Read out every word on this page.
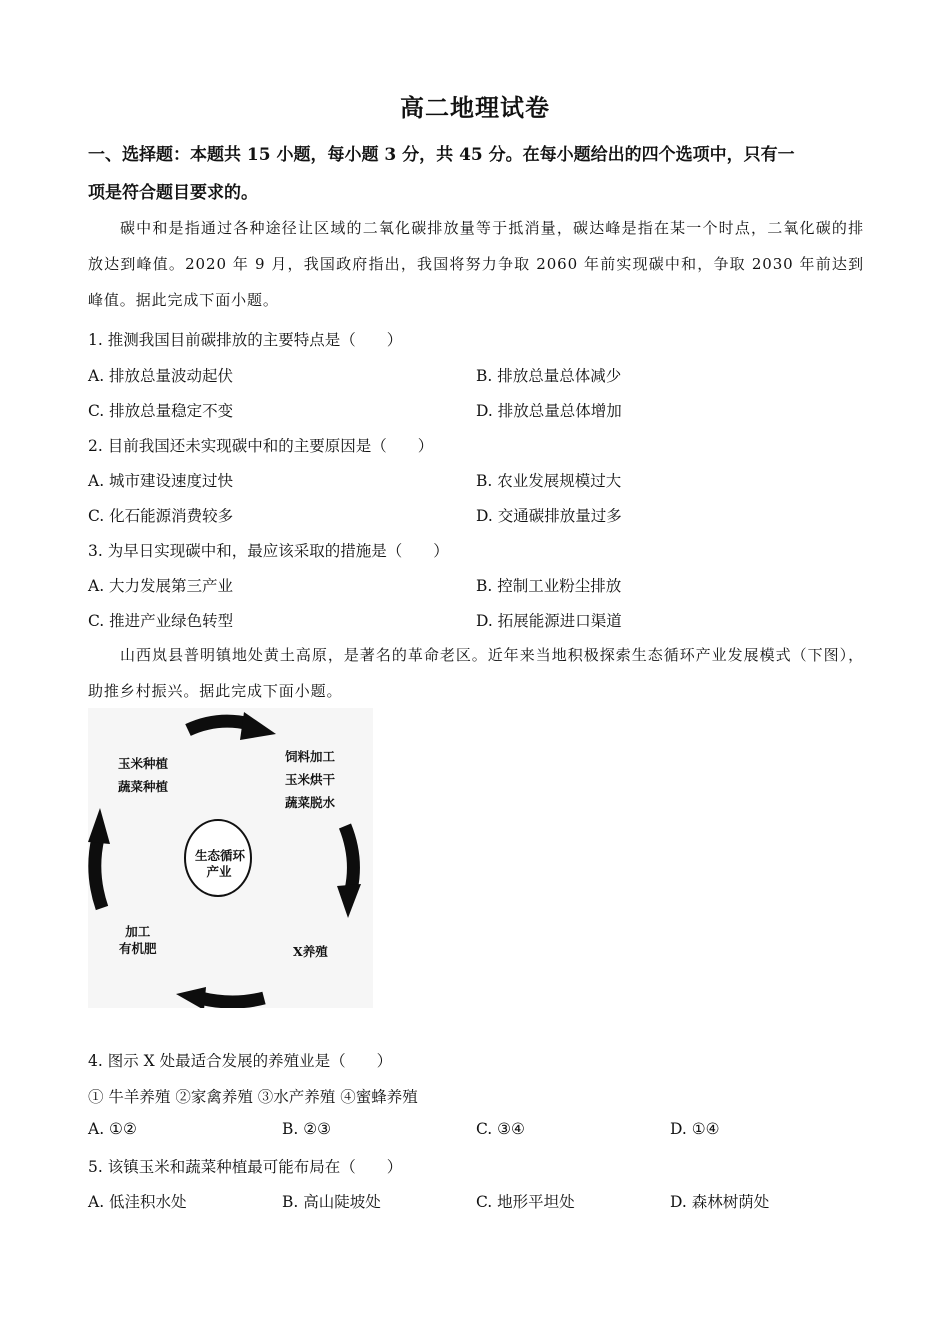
高二地理试卷
一、选择题：本题共 15 小题，每小题 3 分，共 45 分。在每小题给出的四个选项中，只有一
项是符合题目要求的。
碳中和是指通过各种途径让区域的二氧化碳排放量等于抵消量，碳达峰是指在某一个时点，二氧化碳的排放达到峰值。2020 年 9 月，我国政府指出，我国将努力争取 2060 年前实现碳中和，争取 2030 年前达到峰值。据此完成下面小题。
1. 推测我国目前碳排放的主要特点是（　　）
A. 排放总量波动起伏	B. 排放总量总体减少
C. 排放总量稳定不变	D. 排放总量总体增加
2. 目前我国还未实现碳中和的主要原因是（　　）
A. 城市建设速度过快	B. 农业发展规模过大
C. 化石能源消费较多	D. 交通碳排放量过多
3. 为早日实现碳中和，最应该采取的措施是（　　）
A. 大力发展第三产业	B. 控制工业粉尘排放
C. 推进产业绿色转型	D. 拓展能源进口渠道
山西岚县普明镇地处黄土高原，是著名的革命老区。近年来当地积极探索生态循环产业发展模式（下图），助推乡村振兴。据此完成下面小题。
生态循环
产业
玉米种植
蔬菜种植
饲料加工
玉米烘干
蔬菜脱水
X养殖
加工
有机肥
4. 图示 X 处最适合发展的养殖业是（　　）
① 牛羊养殖 ②家禽养殖 ③水产养殖 ④蜜蜂养殖
A. ①②	B. ②③	C. ③④	D. ①④
5. 该镇玉米和蔬菜种植最可能布局在（　　）
A. 低洼积水处	B. 高山陡坡处	C. 地形平坦处	D. 森林树荫处
